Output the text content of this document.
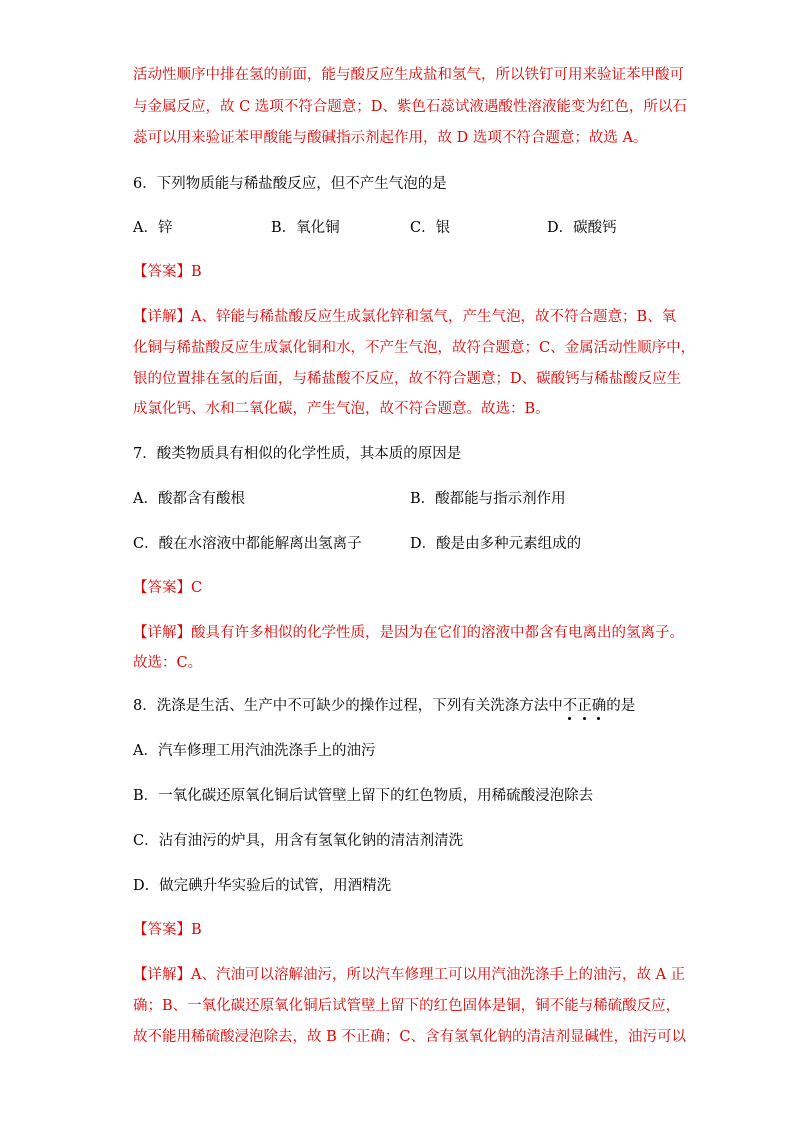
活动性顺序中排在氢的前面，能与酸反应生成盐和氢气，所以铁钉可用来验证苯甲酸可
与金属反应，故 C 选项不符合题意；D、紫色石蕊试液遇酸性溶液能变为红色，所以石
蕊可以用来验证苯甲酸能与酸碱指示剂起作用，故 D 选项不符合题意；故选 A。
6．下列物质能与稀盐酸反应，但不产生气泡的是
A．锌	B．氧化铜	C．银	D．碳酸钙
【答案】B
【详解】A、锌能与稀盐酸反应生成氯化锌和氢气，产生气泡，故不符合题意；B、氧
化铜与稀盐酸反应生成氯化铜和水，不产生气泡，故符合题意；C、金属活动性顺序中，
银的位置排在氢的后面，与稀盐酸不反应，故不符合题意；D、碳酸钙与稀盐酸反应生
成氯化钙、水和二氧化碳，产生气泡，故不符合题意。故选：B。
7．酸类物质具有相似的化学性质，其本质的原因是
A．酸都含有酸根	B．酸都能与指示剂作用
C．酸在水溶液中都能解离出氢离子	D．酸是由多种元素组成的
【答案】C
【详解】酸具有许多相似的化学性质，是因为在它们的溶液中都含有电离出的氢离子。
故选：C。
8．洗涤是生活、生产中不可缺少的操作过程，下列有关洗涤方法中不正确的是
A．汽车修理工用汽油洗涤手上的油污
B．一氧化碳还原氧化铜后试管壁上留下的红色物质，用稀硫酸浸泡除去
C．沾有油污的炉具，用含有氢氧化钠的清洁剂清洗
D．做完碘升华实验后的试管，用酒精洗
【答案】B
【详解】A、汽油可以溶解油污，所以汽车修理工可以用汽油洗涤手上的油污，故 A 正
确；B、一氧化碳还原氧化铜后试管壁上留下的红色固体是铜，铜不能与稀硫酸反应，
故不能用稀硫酸浸泡除去，故 B 不正确；C、含有氢氧化钠的清洁剂显碱性，油污可以
